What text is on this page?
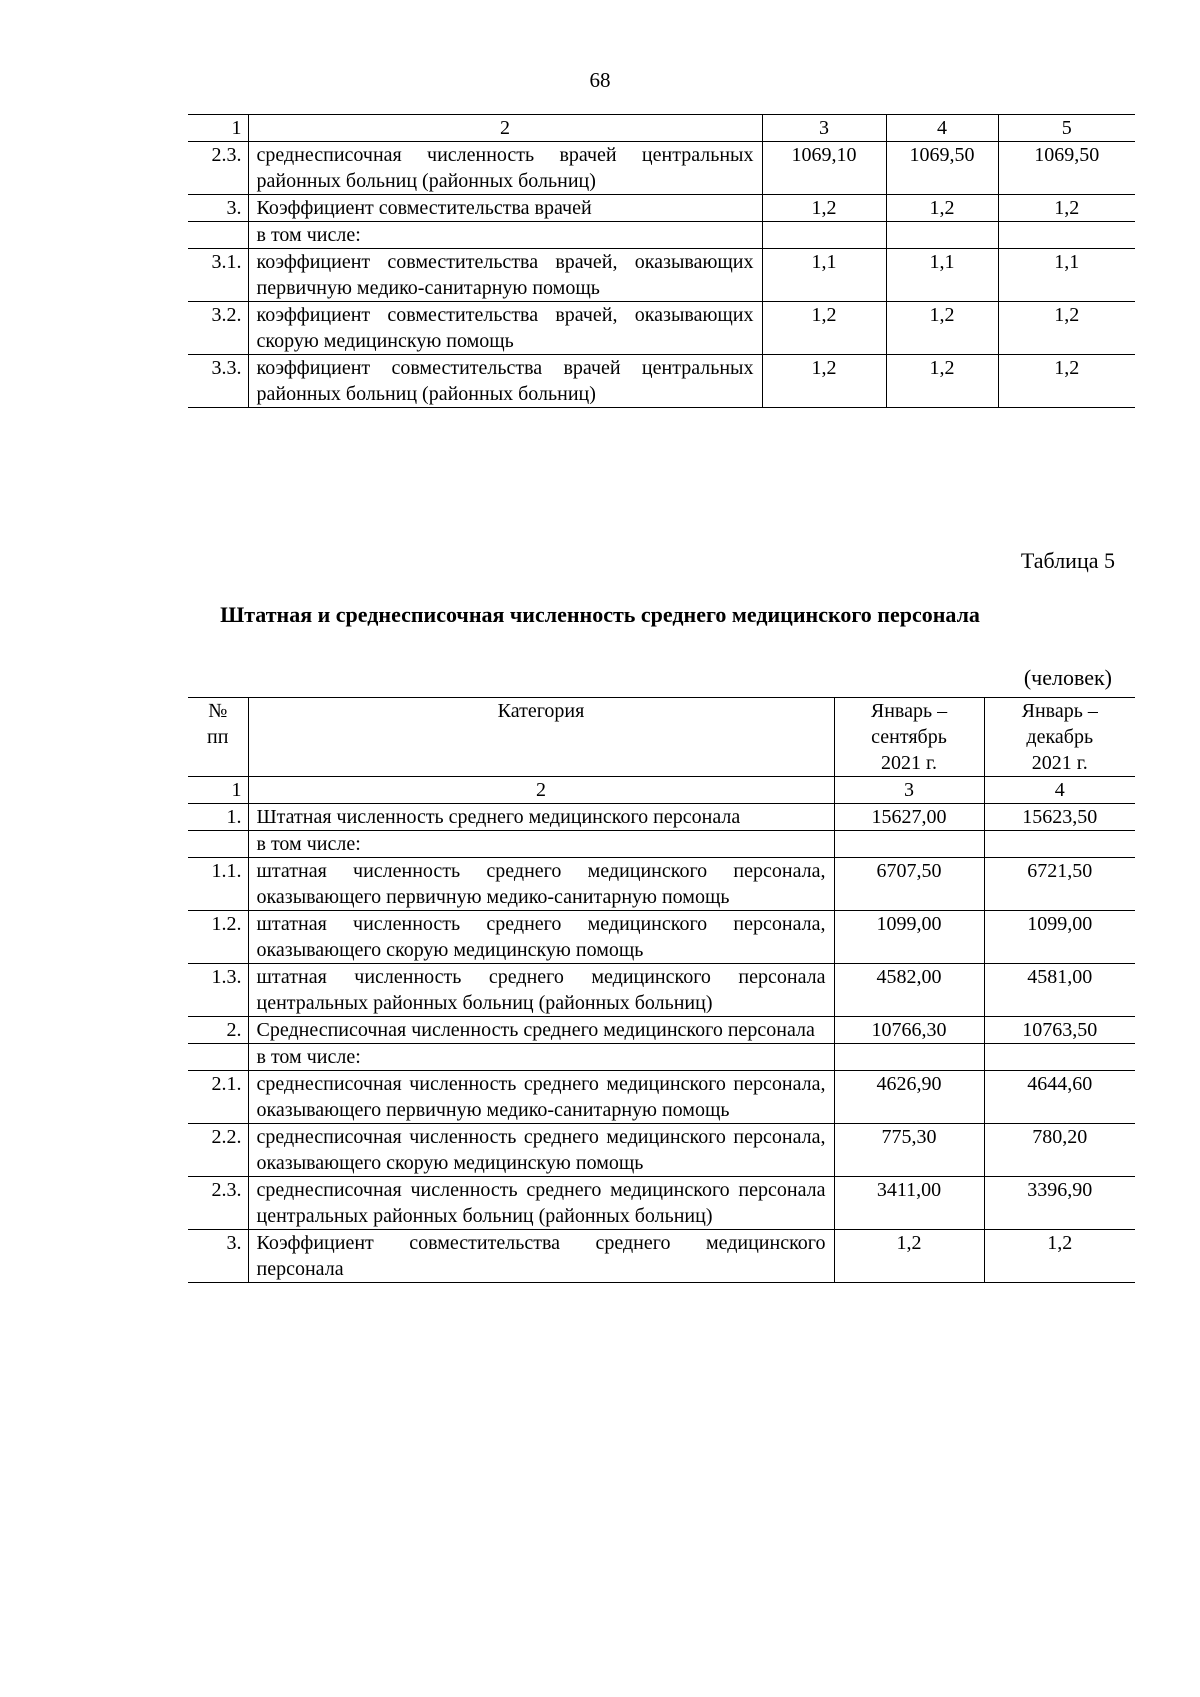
68
1	2	3	4	5
2.3.	среднесписочная численность врачей центральных районных больниц (районных больниц)	1069,10	1069,50	1069,50
3.	Коэффициент совместительства врачей	1,2	1,2	1,2
	в том числе:			
3.1.	коэффициент совместительства врачей, оказывающих первичную медико-санитарную помощь	1,1	1,1	1,1
3.2.	коэффициент совместительства врачей, оказывающих скорую медицинскую помощь	1,2	1,2	1,2
3.3.	коэффициент совместительства врачей центральных районных больниц (районных больниц)	1,2	1,2	1,2
Таблица 5
Штатная и среднесписочная численность среднего медицинского персонала
(человек)
№ пп	Категория	Январь – сентябрь 2021 г.	Январь – декабрь 2021 г.
1	2	3	4
1.	Штатная численность среднего медицинского персонала	15627,00	15623,50
	в том числе:		
1.1.	штатная численность среднего медицинского персонала, оказывающего первичную медико-санитарную помощь	6707,50	6721,50
1.2.	штатная численность среднего медицинского персонала, оказывающего скорую медицинскую помощь	1099,00	1099,00
1.3.	штатная численность среднего медицинского персонала центральных районных больниц (районных больниц)	4582,00	4581,00
2.	Среднесписочная численность среднего медицинского персонала	10766,30	10763,50
	в том числе:		
2.1.	среднесписочная численность среднего медицинского персонала, оказывающего первичную медико-санитарную помощь	4626,90	4644,60
2.2.	среднесписочная численность среднего медицинского персонала, оказывающего скорую медицинскую помощь	775,30	780,20
2.3.	среднесписочная численность среднего медицинского персонала центральных районных больниц (районных больниц)	3411,00	3396,90
3.	Коэффициент совместительства среднего медицинского персонала	1,2	1,2
